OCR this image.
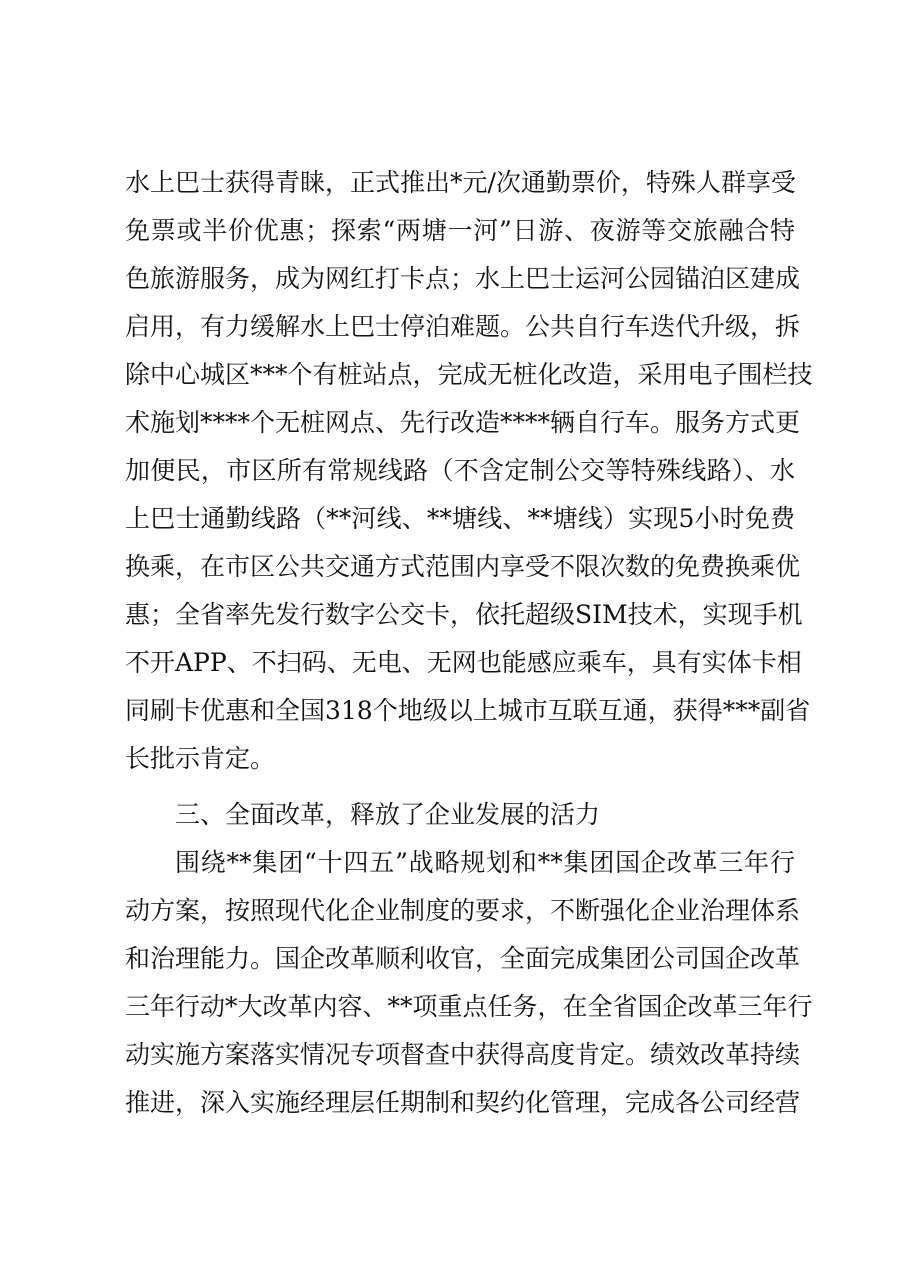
水上巴士获得青睐，正式推出*元/次通勤票价，特殊人群享受
免票或半价优惠；探索“两塘一河”日游、夜游等交旅融合特
色旅游服务，成为网红打卡点；水上巴士运河公园锚泊区建成
启用，有力缓解水上巴士停泊难题。公共自行车迭代升级，拆
除中心城区***个有桩站点，完成无桩化改造，采用电子围栏技
术施划****个无桩网点、先行改造****辆自行车。服务方式更
加便民，市区所有常规线路（不含定制公交等特殊线路）、水
上巴士通勤线路（**河线、**塘线、**塘线）实现5小时免费
换乘，在市区公共交通方式范围内享受不限次数的免费换乘优
惠；全省率先发行数字公交卡，依托超级SIM技术，实现手机
不开APP、不扫码、无电、无网也能感应乘车，具有实体卡相
同刷卡优惠和全国318个地级以上城市互联互通，获得***副省
长批示肯定。
三、全面改革，释放了企业发展的活力
围绕**集团“十四五”战略规划和**集团国企改革三年行
动方案，按照现代化企业制度的要求，不断强化企业治理体系
和治理能力。国企改革顺利收官，全面完成集团公司国企改革
三年行动*大改革内容、**项重点任务，在全省国企改革三年行
动实施方案落实情况专项督查中获得高度肯定。绩效改革持续
推进，深入实施经理层任期制和契约化管理，完成各公司经营
